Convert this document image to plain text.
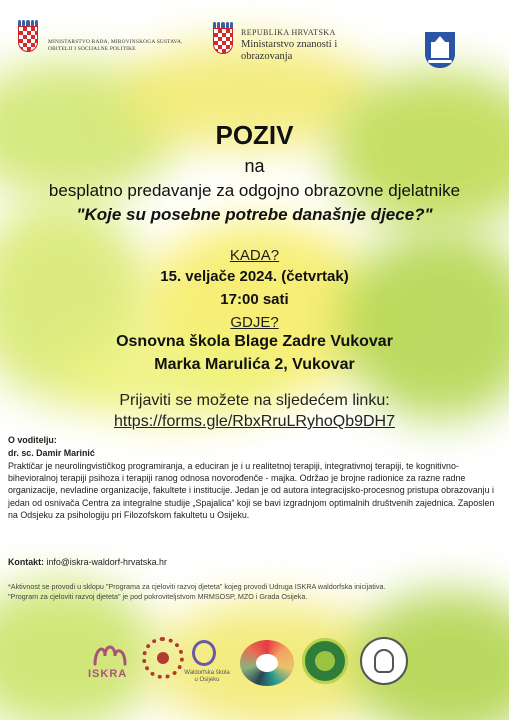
MINISTARSTVO RADA, MIROVINSKOGA SUSTAVA, OBITELJI I SOCIJALNE POLITIKE
REPUBLIKA HRVATSKA
Ministarstvo znanosti i obrazovanja
POZIV
na
besplatno predavanje za odgojno obrazovne djelatnike
"Koje su posebne potrebe današnje djece?"
KADA?
15. veljače 2024. (četvrtak)
17:00 sati
GDJE?
Osnovna škola Blage Zadre Vukovar
Marka Marulića 2, Vukovar
Prijaviti se možete na sljedećem linku:
https://forms.gle/RbxRruLRyhoQb9DH7
O voditelju:
dr. sc. Damir Marinić
Praktičar je neurolingvističkog programiranja, a educiran je i u realitetnoj terapiji, integrativnoj terapiji, te kognitivno-bihevioralnoj terapiji psihoza i terapiji ranog odnosa novorođenče - majka. Održao je brojne radionice za razne radne organizacije, nevladine organizacije, fakultete i institucije. Jedan je od autora integracijsko-procesnog pristupa obrazovanju i jedan od osnivača Centra za integralne studije „Spajalica“ koji se bavi izgradnjom optimalnih društvenih zajednica. Zaposlen na Odsjeku za psihologiju pri Filozofskom fakultetu u Osijeku.
Kontakt: info@iskra-waldorf-hrvatska.hr
*Aktivnost se provodi u sklopu "Programa za cjeloviti razvoj djeteta" kojeg provodi Udruga ISKRA waldorfska inicijativa. "Program za cjeloviti razvoj djeteta" je pod pokroviteljstvom MRMSOSP, MZO i Grada Osijeka.
ISKRA	Waldorfska škola u Osijeku
